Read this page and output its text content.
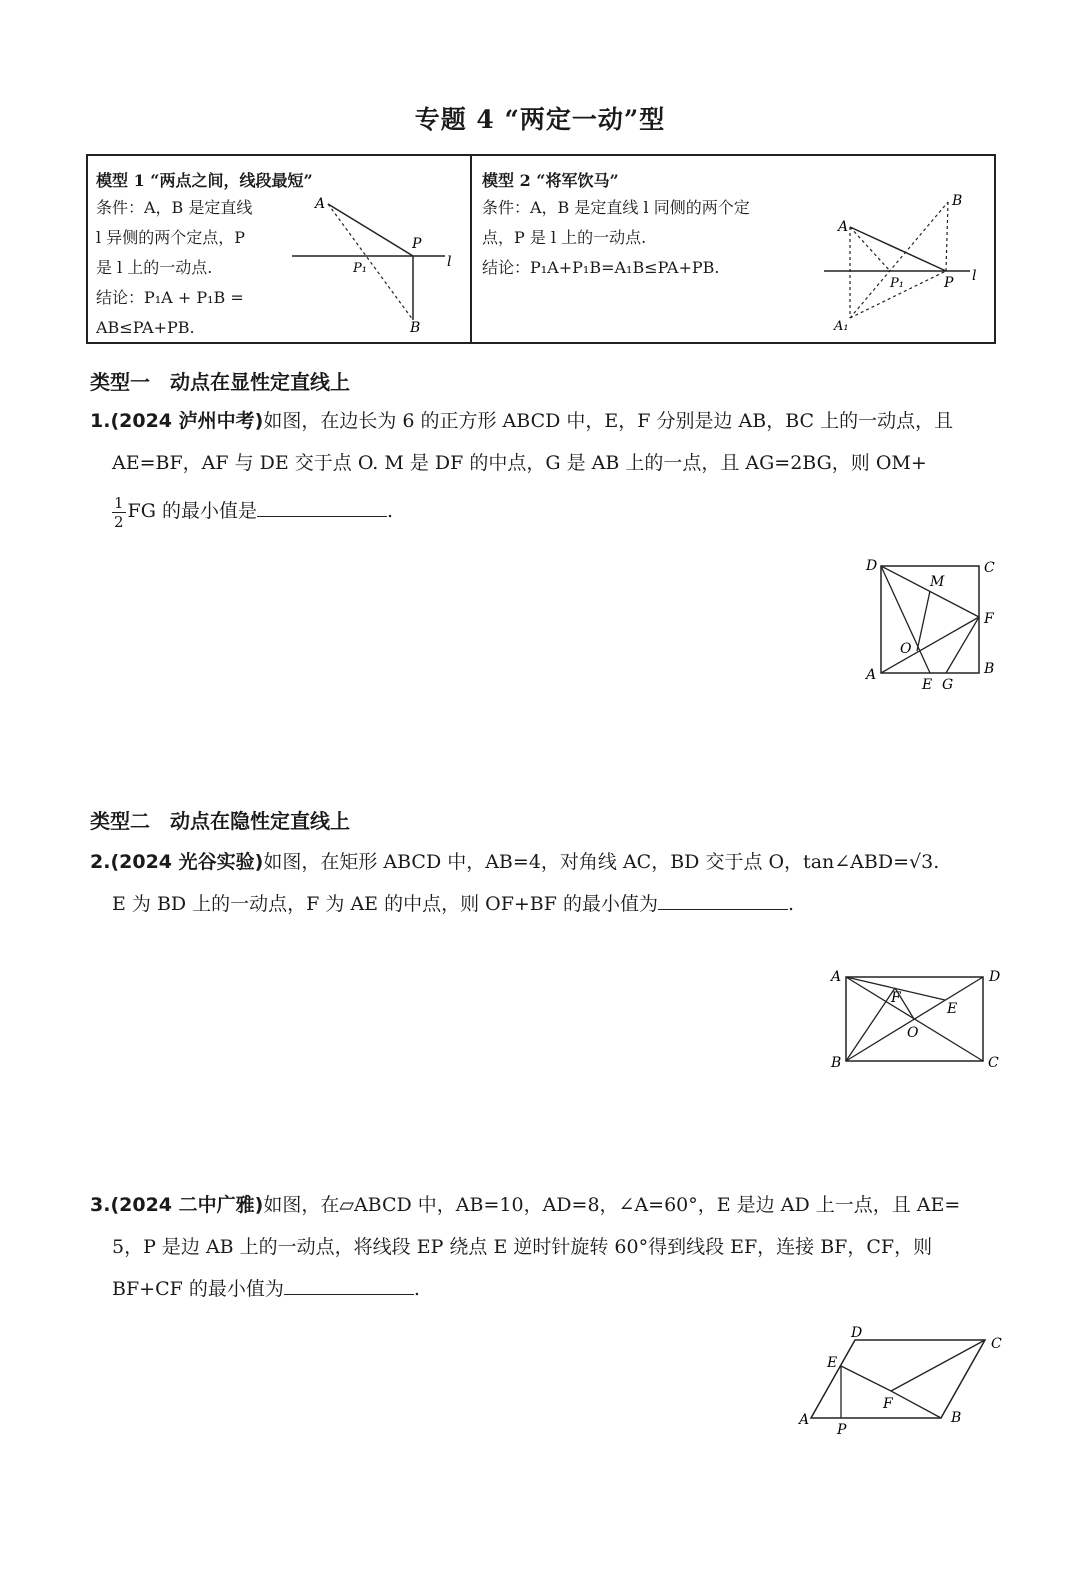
专题 4 “两定一动”型
模型 1 “两点之间，线段最短”
条件：A，B 是定直线
l 异侧的两个定点，P
是 l 上的一动点.
结论：P₁A + P₁B =
AB≤PA+PB.
A
B
P
P₁	l
模型 2 “将军饮马”
条件：A，B 是定直线 l 同侧的两个定
点，P 是 l 上的一动点.
结论：P₁A+P₁B=A₁B≤PA+PB.
A
B
P
P₁
A₁
l
类型一　动点在显性定直线上
1.(2024 泸州中考)如图，在边长为 6 的正方形 ABCD 中，E，F 分别是边 AB，BC 上的一动点，且
AE=BF，AF 与 DE 交于点 O. M 是 DF 的中点，G 是 AB 上的一点，且 AG=2BG，则 OM+
$\frac{1}{2}$ FG 的最小值是	.
D	C
F
B
A
E G
M
O
类型二　动点在隐性定直线上
2.(2024 光谷实验)如图，在矩形 ABCD 中，AB=4，对角线 AC，BD 交于点 O，tan∠ABD=√3.
E 为 BD 上的一动点，F 为 AE 的中点，则 OF+BF 的最小值为	.
A	D
B	C
F
E
O
3.(2024 二中广雅)如图，在▱ABCD 中，AB=10，AD=8，∠A=60°，E 是边 AD 上一点，且 AE=
5，P 是边 AB 上的一动点，将线段 EP 绕点 E 逆时针旋转 60°得到线段 EF，连接 BF，CF，则
BF+CF 的最小值为	.
A	B
C
D
E
F
P
